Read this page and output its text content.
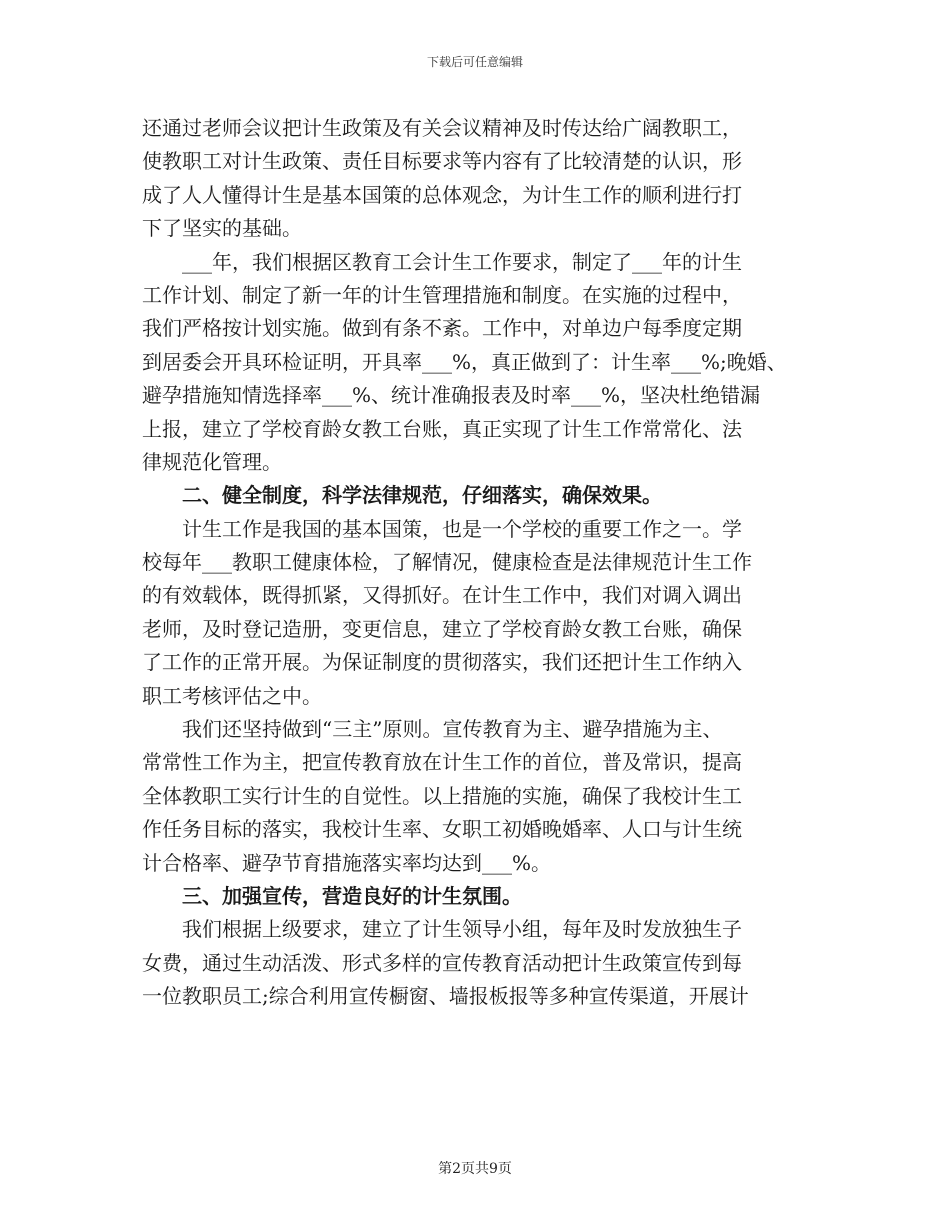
下载后可任意编辑
还通过老师会议把计生政策及有关会议精神及时传达给广阔教职工，
使教职工对计生政策、责任目标要求等内容有了比较清楚的认识，形
成了人人懂得计生是基本国策的总体观念，为计生工作的顺利进行打
下了坚实的基础。
　　___年，我们根据区教育工会计生工作要求，制定了___年的计生
工作计划、制定了新一年的计生管理措施和制度。在实施的过程中，
我们严格按计划实施。做到有条不紊。工作中，对单边户每季度定期
到居委会开具环检证明，开具率___%，真正做到了：计生率___%;晚婚、
避孕措施知情选择率___%、统计准确报表及时率___%，坚决杜绝错漏
上报，建立了学校育龄女教工台账，真正实现了计生工作常常化、法
律规范化管理。
　　二、健全制度，科学法律规范，仔细落实，确保效果。
　　计生工作是我国的基本国策，也是一个学校的重要工作之一。学
校每年___教职工健康体检，了解情况，健康检查是法律规范计生工作
的有效载体，既得抓紧，又得抓好。在计生工作中，我们对调入调出
老师，及时登记造册，变更信息，建立了学校育龄女教工台账，确保
了工作的正常开展。为保证制度的贯彻落实，我们还把计生工作纳入
职工考核评估之中。
　　我们还坚持做到“三主”原则。宣传教育为主、避孕措施为主、
常常性工作为主，把宣传教育放在计生工作的首位，普及常识，提高
全体教职工实行计生的自觉性。以上措施的实施，确保了我校计生工
作任务目标的落实，我校计生率、女职工初婚晚婚率、人口与计生统
计合格率、避孕节育措施落实率均达到___%。
　　三、加强宣传，营造良好的计生氛围。
　　我们根据上级要求，建立了计生领导小组，每年及时发放独生子
女费，通过生动活泼、形式多样的宣传教育活动把计生政策宣传到每
一位教职员工;综合利用宣传橱窗、墙报板报等多种宣传渠道，开展计
第2页共9页
